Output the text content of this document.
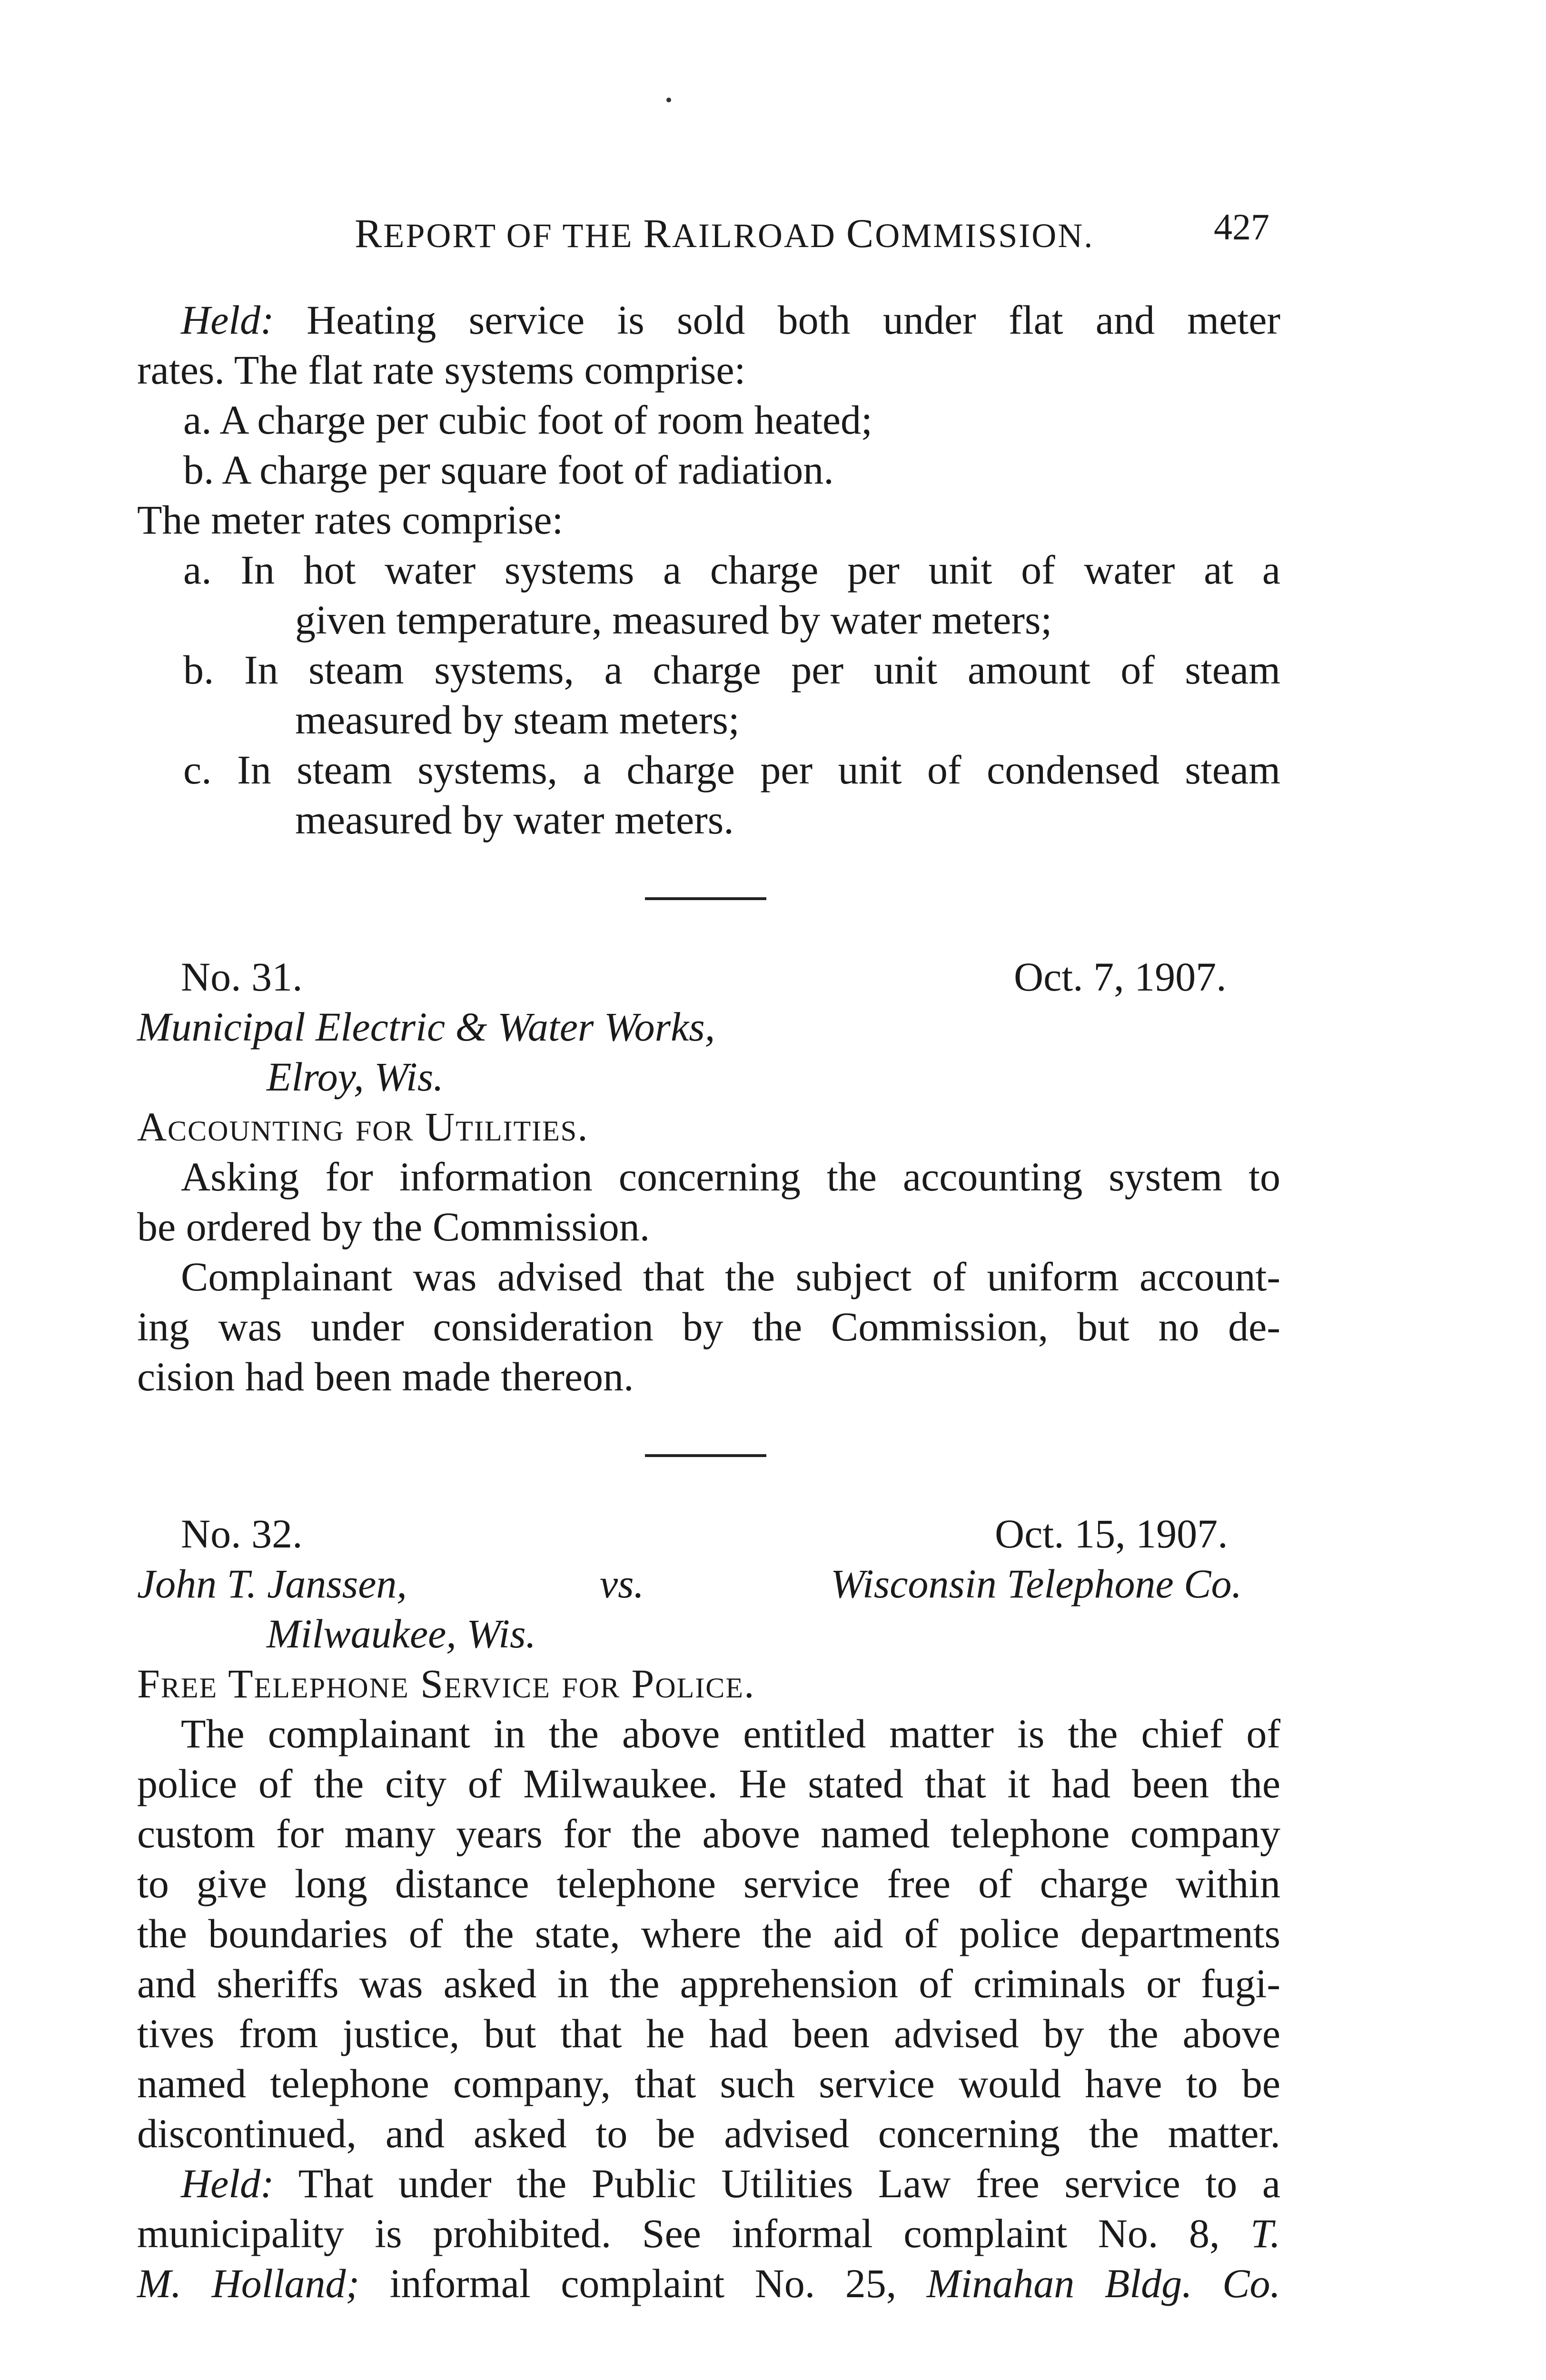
REPORT OF THE RAILROAD COMMISSION.	427
Held: Heating service is sold both under flat and meter
rates. The flat rate systems comprise:
a. A charge per cubic foot of room heated;
b. A charge per square foot of radiation.
The meter rates comprise:
a. In hot water systems a charge per unit of water at a
given temperature, measured by water meters;
b. In steam systems, a charge per unit amount of steam
measured by steam meters;
c. In steam systems, a charge per unit of condensed steam
measured by water meters.
No. 31.	Oct. 7, 1907.
Municipal Electric & Water Works,
Elroy, Wis.
Accounting for Utilities.
Asking for information concerning the accounting system to
be ordered by the Commission.
Complainant was advised that the subject of uniform account-
ing was under consideration by the Commission, but no de-
cision had been made thereon.
No. 32.	Oct. 15, 1907.
John T. Janssen,	vs.	Wisconsin Telephone Co.
Milwaukee, Wis.
Free Telephone Service for Police.
The complainant in the above entitled matter is the chief of
police of the city of Milwaukee. He stated that it had been the
custom for many years for the above named telephone company
to give long distance telephone service free of charge within
the boundaries of the state, where the aid of police departments
and sheriffs was asked in the apprehension of criminals or fugi-
tives from justice, but that he had been advised by the above
named telephone company, that such service would have to be
discontinued, and asked to be advised concerning the matter.
Held: That under the Public Utilities Law free service to a
municipality is prohibited. See informal complaint No. 8, T.
M. Holland; informal complaint No. 25, Minahan Bldg. Co.
